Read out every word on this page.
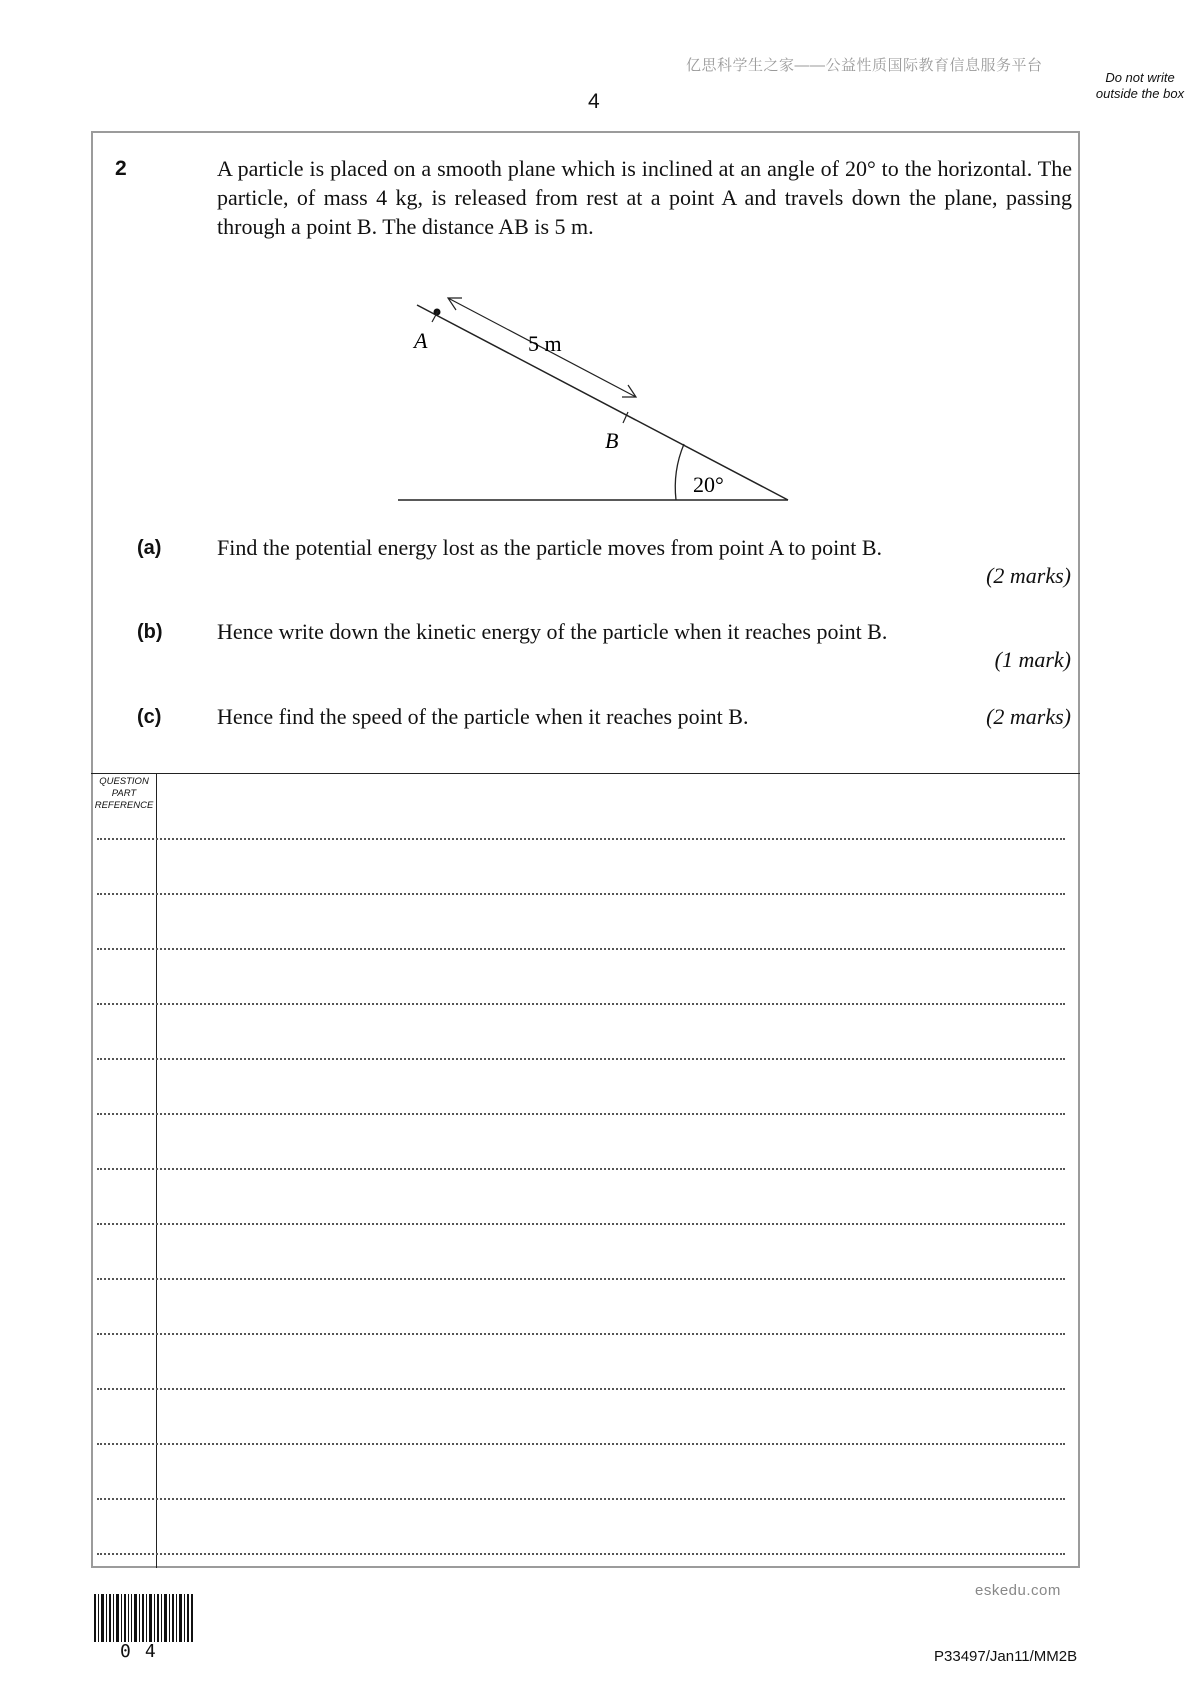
亿思科学生之家——公益性质国际教育信息服务平台
4
Do not write outside the box
2	A particle is placed on a smooth plane which is inclined at an angle of 20° to the horizontal. The particle, of mass 4 kg, is released from rest at a point A and travels down the plane, passing through a point B. The distance AB is 5 m.
A
B
5 m
20°
(a)	Find the potential energy lost as the particle moves from point A to point B.
(2 marks)
(b) Hence write down the kinetic energy of the particle when it reaches point B.
(1 mark)
(c)	Hence find the speed of the particle when it reaches point B.	(2 marks)
QUESTION PART REFERENCE
eskedu.com
04	P33497/Jan11/MM2B
